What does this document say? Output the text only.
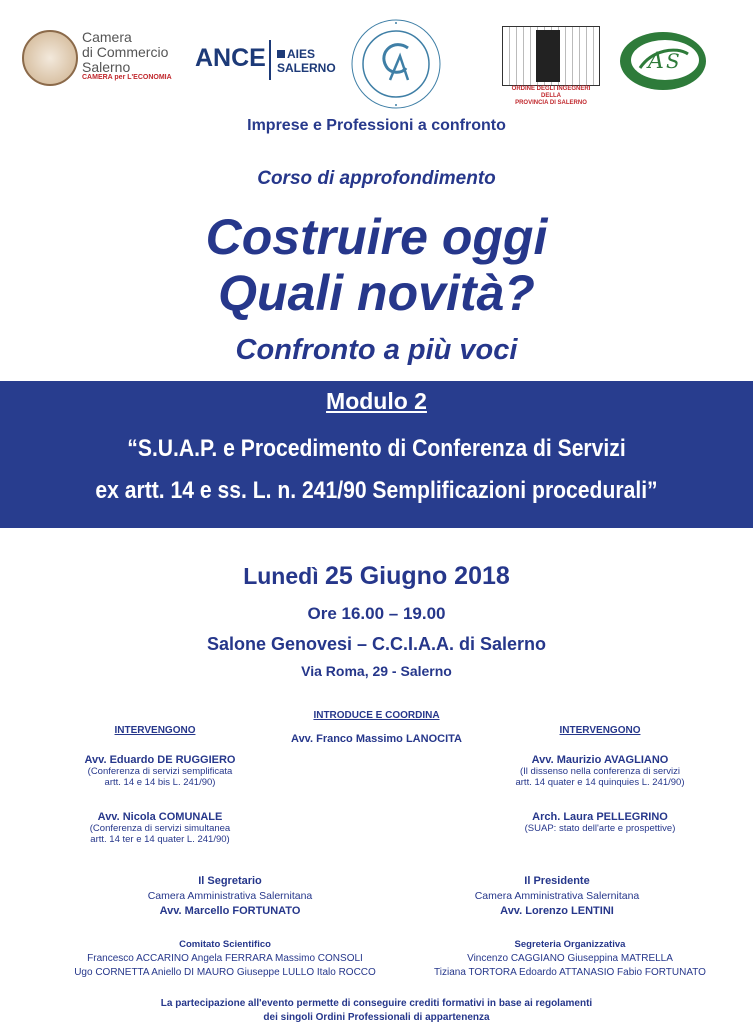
Camera
di Commercio
Salerno
CAMERA per L'ECONOMIA
ANCE	AIES
SALERNO
ORDINE DEGLI INGEGNERI
DELLA
PROVINCIA DI SALERNO
A S
Imprese e Professioni a confronto
Corso di approfondimento
Costruire oggi
Quali novità?
Confronto a più voci
Modulo 2
“S.U.A.P. e Procedimento di Conferenza di Servizi
ex artt. 14 e ss. L. n. 241/90 Semplificazioni procedurali”
Lunedì 25 Giugno 2018
Ore 16.00 – 19.00
Salone Genovesi – C.C.I.A.A. di Salerno
Via Roma, 29 - Salerno
INTRODUCE E COORDINA
Avv. Franco Massimo LANOCITA
INTERVENGONO	INTERVENGONO
Avv. Eduardo DE RUGGIERO
(Conferenza di servizi semplificata
artt. 14 e 14 bis L. 241/90)
Avv. Nicola COMUNALE
(Conferenza di servizi simultanea
artt. 14 ter e 14 quater L. 241/90)
Avv. Maurizio AVAGLIANO
(Il dissenso nella conferenza di servizi
artt. 14 quater e 14 quinquies L. 241/90)
Arch. Laura PELLEGRINO
(SUAP: stato dell'arte e prospettive)
Il Segretario
Camera Amministrativa Salernitana
Avv. Marcello FORTUNATO
Il Presidente
Camera Amministrativa Salernitana
Avv. Lorenzo LENTINI
Comitato Scientifico
Francesco ACCARINO Angela FERRARA Massimo CONSOLI
Ugo CORNETTA Aniello DI MAURO Giuseppe LULLO Italo ROCCO
Segreteria Organizzativa
Vincenzo CAGGIANO Giuseppina MATRELLA
Tiziana TORTORA Edoardo ATTANASIO Fabio FORTUNATO
La partecipazione all'evento permette di conseguire crediti formativi in base ai regolamenti
dei singoli Ordini Professionali di appartenenza
